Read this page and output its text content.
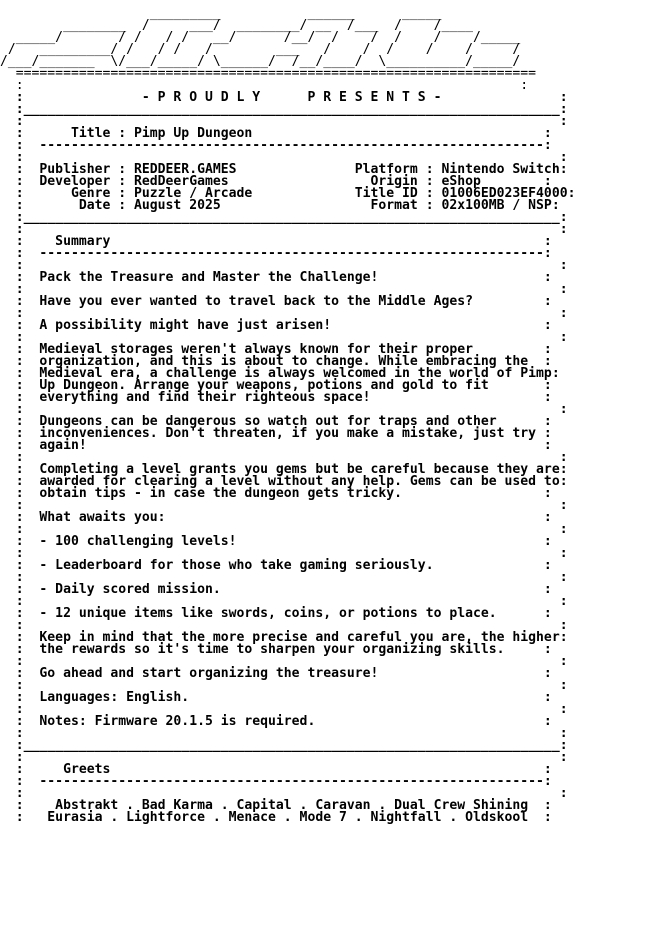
_________           ______      _____
________  /     ___/  ________/ __  /___  /    /____
_____/       / /   / /   __/      /__/  /    /  /    /    /_____
/   _________/ /   / /   /        ___   /    /  /    /    /     /
/___/_______  \/___/_____/ \______/  /__/____/  \__________/_____/
==================================================================
:                                                               :
:               - P R O U D L Y      P R E S E N T S -               :
:____________________________________________________________________:
:                                                                    :
:      Title : Pimp Up Dungeon                                     :
:  ----------------------------------------------------------------:
:                                                                    :
:  Publisher : REDDEER.GAMES               Platform : Nintendo Switch:
:  Developer : RedDeerGames                  Origin : eShop        :
:      Genre : Puzzle / Arcade             Title ID : 01006ED023EF4000:
:       Date : August 2025                   Format : 02x100MB / NSP:
:____________________________________________________________________:
:                                                                    :
:    Summary                                                       :
:  ----------------------------------------------------------------:
:                                                                    :
:  Pack the Treasure and Master the Challenge!                     :
:                                                                    :
:  Have you ever wanted to travel back to the Middle Ages?         :
:                                                                    :
:  A possibility might have just arisen!                           :
:                                                                    :
:  Medieval storages weren't always known for their proper         :
:  organization, and this is about to change. While embracing the  :
:  Medieval era, a challenge is always welcomed in the world of Pimp:
:  Up Dungeon. Arrange your weapons, potions and gold to fit       :
:  everything and find their righteous space!                      :
:                                                                    :
:  Dungeons can be dangerous so watch out for traps and other      :
:  inconveniences. Don't threaten, if you make a mistake, just try :
:  again!                                                          :
:                                                                    :
:  Completing a level grants you gems but be careful because they are:
:  awarded for clearing a level without any help. Gems can be used to:
:  obtain tips - in case the dungeon gets tricky.                  :
:                                                                    :
:  What awaits you:                                                :
:                                                                    :
:  - 100 challenging levels!                                       :
:                                                                    :
:  - Leaderboard for those who take gaming seriously.              :
:                                                                    :
:  - Daily scored mission.                                         :
:                                                                    :
:  - 12 unique items like swords, coins, or potions to place.      :
:                                                                    :
:  Keep in mind that the more precise and careful you are, the higher:
:  the rewards so it's time to sharpen your organizing skills.     :
:                                                                    :
:  Go ahead and start organizing the treasure!                     :
:                                                                    :
:  Languages: English.                                             :
:                                                                    :
:  Notes: Firmware 20.1.5 is required.                             :
:                                                                    :
:____________________________________________________________________:
:                                                                    :
:     Greets                                                       :
:  ----------------------------------------------------------------:
:                                                                    :
:    Abstrakt . Bad Karma . Capital . Caravan . Dual Crew Shining  :
:   Eurasia . Lightforce . Menace . Mode 7 . Nightfall . Oldskool  :
